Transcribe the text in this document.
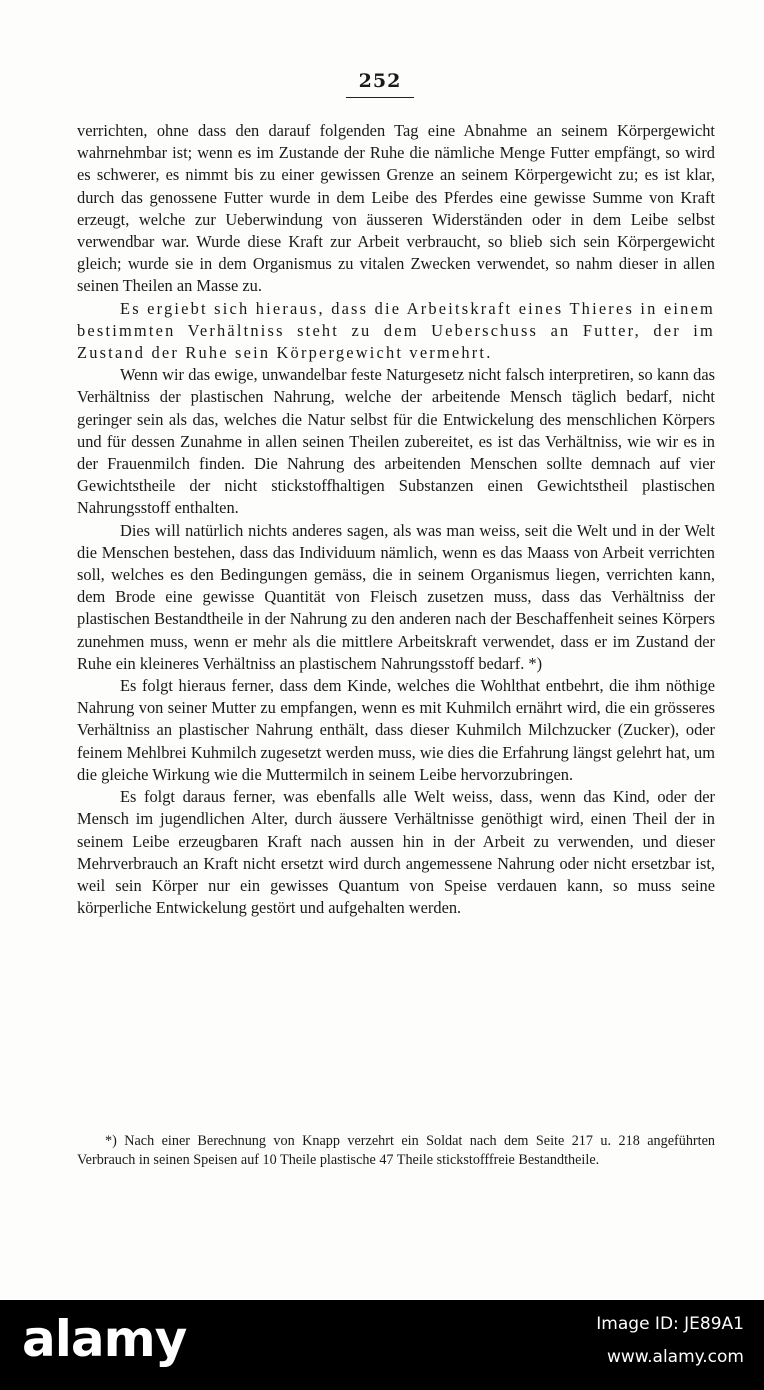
252

verrichten, ohne dass den darauf folgenden Tag eine Abnahme an seinem Körpergewicht wahrnehmbar ist; wenn es im Zustande der Ruhe die nämliche Menge Futter empfängt, so wird es schwerer, es nimmt bis zu einer gewissen Grenze an seinem Körpergewicht zu; es ist klar, durch das genossene Futter wurde in dem Leibe des Pferdes eine gewisse Summe von Kraft erzeugt, welche zur Ueberwindung von äusseren Widerständen oder in dem Leibe selbst verwendbar war. Wurde diese Kraft zur Arbeit verbraucht, so blieb sich sein Körpergewicht gleich; wurde sie in dem Organismus zu vitalen Zwecken verwendet, so nahm dieser in allen seinen Theilen an Masse zu.

Es ergiebt sich hieraus, dass die Arbeitskraft eines Thieres in einem bestimmten Verhältniss steht zu dem Ueberschuss an Futter, der im Zustand der Ruhe sein Körpergewicht vermehrt.

Wenn wir das ewige, unwandelbar feste Naturgesetz nicht falsch interpretiren, so kann das Verhältniss der plastischen Nahrung, welche der arbeitende Mensch täglich bedarf, nicht geringer sein als das, welches die Natur selbst für die Entwickelung des menschlichen Körpers und für dessen Zunahme in allen seinen Theilen zubereitet, es ist das Verhältniss, wie wir es in der Frauenmilch finden. Die Nahrung des arbeitenden Menschen sollte demnach auf vier Gewichtstheile der nicht stickstoffhaltigen Substanzen einen Gewichtstheil plastischen Nahrungsstoff enthalten.

Dies will natürlich nichts anderes sagen, als was man weiss, seit die Welt und in der Welt die Menschen bestehen, dass das Individuum nämlich, wenn es das Maass von Arbeit verrichten soll, welches es den Bedingungen gemäss, die in seinem Organismus liegen, verrichten kann, dem Brode eine gewisse Quantität von Fleisch zusetzen muss, dass das Verhältniss der plastischen Bestandtheile in der Nahrung zu den anderen nach der Beschaffenheit seines Körpers zunehmen muss, wenn er mehr als die mittlere Arbeitskraft verwendet, dass er im Zustand der Ruhe ein kleineres Verhältniss an plastischem Nahrungsstoff bedarf. *)

Es folgt hieraus ferner, dass dem Kinde, welches die Wohlthat entbehrt, die ihm nöthige Nahrung von seiner Mutter zu empfangen, wenn es mit Kuhmilch ernährt wird, die ein grösseres Verhältniss an plastischer Nahrung enthält, dass dieser Kuhmilch Milchzucker (Zucker), oder feinem Mehlbrei Kuhmilch zugesetzt werden muss, wie dies die Erfahrung längst gelehrt hat, um die gleiche Wirkung wie die Muttermilch in seinem Leibe hervorzubringen.

Es folgt daraus ferner, was ebenfalls alle Welt weiss, dass, wenn das Kind, oder der Mensch im jugendlichen Alter, durch äussere Verhältnisse genöthigt wird, einen Theil der in seinem Leibe erzeugbaren Kraft nach aussen hin in der Arbeit zu verwenden, und dieser Mehrverbrauch an Kraft nicht ersetzt wird durch angemessene Nahrung oder nicht ersetzbar ist, weil sein Körper nur ein gewisses Quantum von Speise verdauen kann, so muss seine körperliche Entwickelung gestört und aufgehalten werden.

*) Nach einer Berechnung von Knapp verzehrt ein Soldat nach dem Seite 217 u. 218 angeführten Verbrauch in seinen Speisen auf 10 Theile plastische 47 Theile stickstofffreie Bestandtheile.

alamy	Image ID: JE89A1
www.alamy.com
